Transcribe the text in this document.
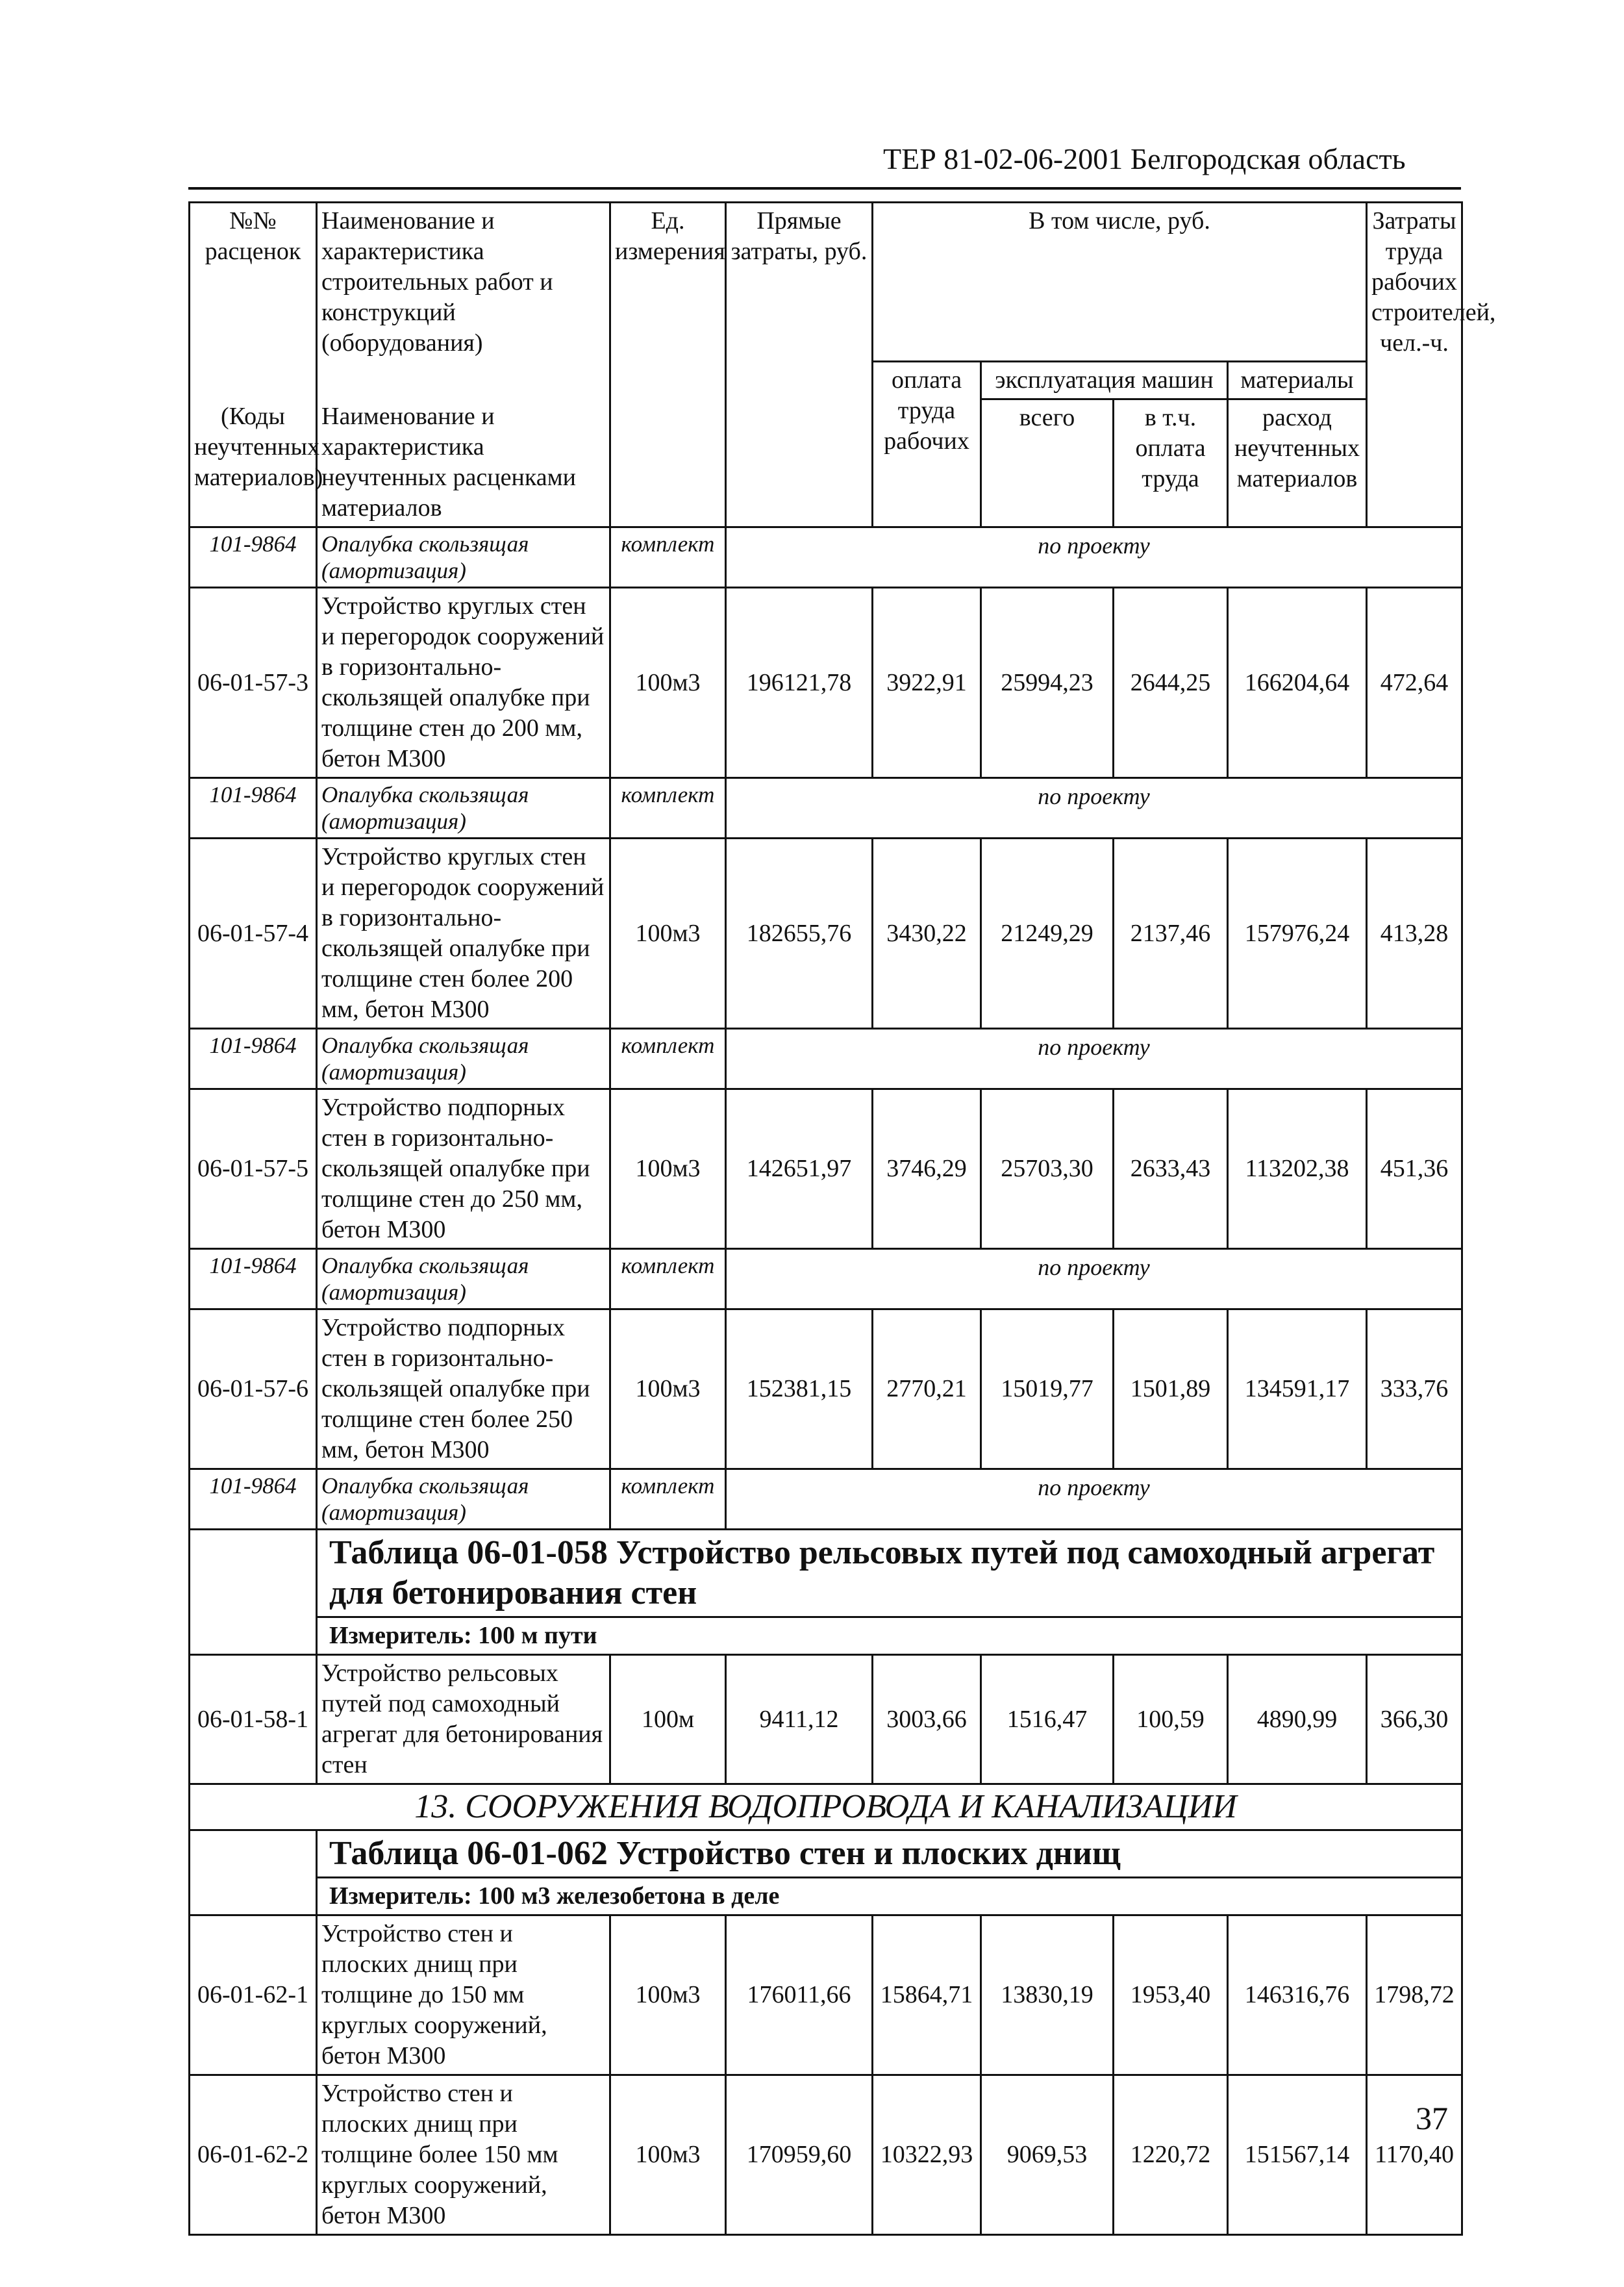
ТЕР 81-02-06-2001 Белгородская область
№№ расценок	Наименование и характеристика строительных работ и конструкций (оборудования)	Ед. измерения	Прямые затраты, руб.	В том числе, руб.				Затраты труда рабочих строителей, чел.-ч.
				оплата труда рабочих	эксплуатация машин		материалы	
(Коды неучтенных материалов)	Наименование и характеристика неучтенных расценками материалов				всего	в т.ч. оплата труда	расход неучтенных материалов	
101-9864	Опалубка скользящая (амортизация)	комплект	по проекту					
06-01-57-3	Устройство круглых стен и перегородок сооружений в горизонтально-скользящей опалубке при толщине стен до 200 мм, бетон М300	100м3	196121,78	3922,91	25994,23	2644,25	166204,64	472,64
101-9864	Опалубка скользящая (амортизация)	комплект	по проекту					
06-01-57-4	Устройство круглых стен и перегородок сооружений в горизонтально-скользящей опалубке при толщине стен более 200 мм, бетон М300	100м3	182655,76	3430,22	21249,29	2137,46	157976,24	413,28
101-9864	Опалубка скользящая (амортизация)	комплект	по проекту					
06-01-57-5	Устройство подпорных стен в горизонтально-скользящей опалубке при толщине стен до 250 мм, бетон М300	100м3	142651,97	3746,29	25703,30	2633,43	113202,38	451,36
101-9864	Опалубка скользящая (амортизация)	комплект	по проекту					
06-01-57-6	Устройство подпорных стен в горизонтально-скользящей опалубке при толщине стен более 250 мм, бетон М300	100м3	152381,15	2770,21	15019,77	1501,89	134591,17	333,76
101-9864	Опалубка скользящая (амортизация)	комплект	по проекту					
	Таблица 06-01-058 Устройство рельсовых путей под самоходный агрегат для бетонирования стен							
	Измеритель: 100 м пути							
06-01-58-1	Устройство рельсовых путей под самоходный агрегат для бетонирования стен	100м	9411,12	3003,66	1516,47	100,59	4890,99	366,30
13. СООРУЖЕНИЯ ВОДОПРОВОДА И КАНАЛИЗАЦИИ								
	Таблица 06-01-062 Устройство стен и плоских днищ							
	Измеритель: 100 м3 железобетона в деле							
06-01-62-1	Устройство стен и плоских днищ при толщине до 150 мм круглых сооружений, бетон М300	100м3	176011,66	15864,71	13830,19	1953,40	146316,76	1798,72
06-01-62-2	Устройство стен и плоских днищ при толщине более 150 мм круглых сооружений, бетон М300	100м3	170959,60	10322,93	9069,53	1220,72	151567,14	1170,40
37
